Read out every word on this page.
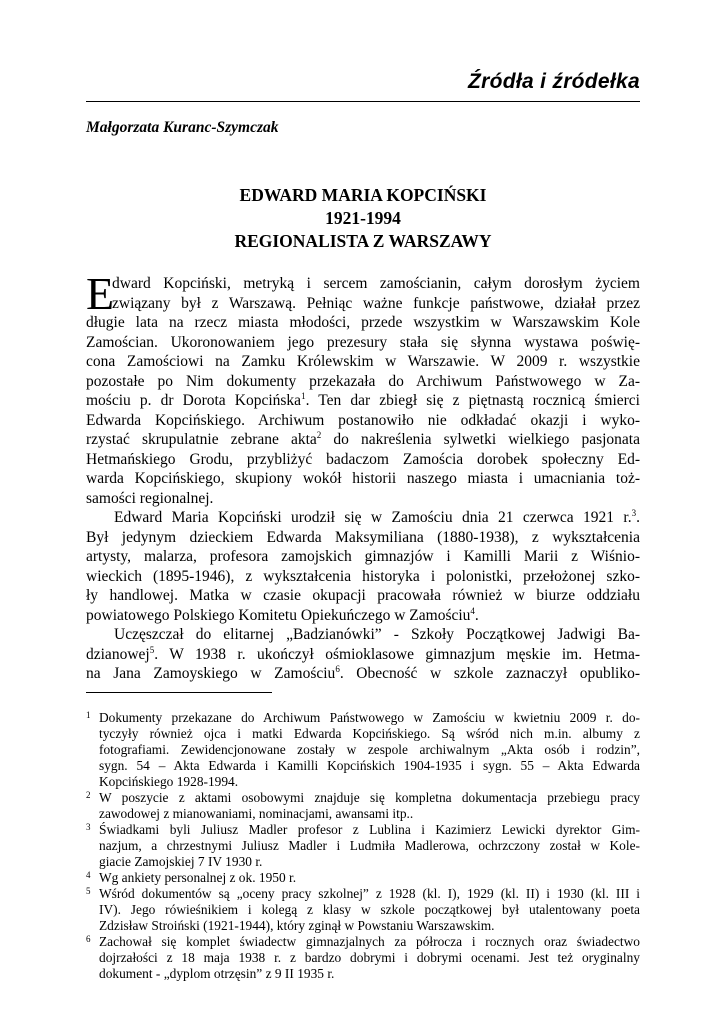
Źródła i źródełka
Małgorzata Kuranc-Szymczak
EDWARD MARIA KOPCIŃSKI
1921-1994
REGIONALISTA Z WARSZAWY
E
dward Kopciński, metryką i sercem zamościanin, całym dorosłym życiem
związany był z Warszawą. Pełniąc ważne funkcje państwowe, działał przez
długie lata na rzecz miasta młodości, przede wszystkim w Warszawskim Kole
Zamościan. Ukoronowaniem jego prezesury stała się słynna wystawa poświę-
cona Zamościowi na Zamku Królewskim w Warszawie. W 2009 r. wszystkie
pozostałe po Nim dokumenty przekazała do Archiwum Państwowego w Za-
mościu p. dr Dorota Kopcińska$^1$. Ten dar zbiegł się z piętnastą rocznicą śmierci
Edwarda Kopcińskiego. Archiwum postanowiło nie odkładać okazji i wyko-
rzystać skrupulatnie zebrane akta$^2$ do nakreślenia sylwetki wielkiego pasjonata
Hetmańskiego Grodu, przybliżyć badaczom Zamościa dorobek społeczny Ed-
warda Kopcińskiego, skupiony wokół historii naszego miasta i umacniania toż-
samości regionalnej.
Edward Maria Kopciński urodził się w Zamościu dnia 21 czerwca 1921 r.$^3$.
Był jedynym dzieckiem Edwarda Maksymiliana (1880-1938), z wykształcenia
artysty, malarza, profesora zamojskich gimnazjów i Kamilli Marii z Wiśnio-
wieckich (1895-1946), z wykształcenia historyka i polonistki, przełożonej szko-
ły handlowej. Matka w czasie okupacji pracowała również w biurze oddziału
powiatowego Polskiego Komitetu Opiekuńczego w Zamościu$^4$.
Uczęszczał do elitarnej „Badzianówki” - Szkoły Początkowej Jadwigi Ba-
dzianowej$^5$. W 1938 r. ukończył ośmioklasowe gimnazjum męskie im. Hetma-
na Jana Zamoyskiego w Zamościu$^6$. Obecność w szkole zaznaczył opubliko-
1 Dokumenty przekazane do Archiwum Państwowego w Zamościu w kwietniu 2009 r. do-
tyczyły również ojca i matki Edwarda Kopcińskiego. Są wśród nich m.in. albumy z
fotografiami. Zewidencjonowane zostały w zespole archiwalnym „Akta osób i rodzin”,
sygn. 54 – Akta Edwarda i Kamilli Kopcińskich 1904-1935 i sygn. 55 – Akta Edwarda
Kopcińskiego 1928-1994.
2 W poszycie z aktami osobowymi znajduje się kompletna dokumentacja przebiegu pracy
zawodowej z mianowaniami, nominacjami, awansami itp..
3 Świadkami byli Juliusz Madler profesor z Lublina i Kazimierz Lewicki dyrektor Gim-
nazjum, a chrzestnymi Juliusz Madler i Ludmiła Madlerowa, ochrzczony został w Kole-
giacie Zamojskiej 7 IV 1930 r.
4 Wg ankiety personalnej z ok. 1950 r.
5 Wśród dokumentów są „oceny pracy szkolnej” z 1928 (kl. I), 1929 (kl. II) i 1930 (kl. III i
IV). Jego rówieśnikiem i kolegą z klasy w szkole początkowej był utalentowany poeta
Zdzisław Stroiński (1921-1944), który zginął w Powstaniu Warszawskim.
6 Zachował się komplet świadectw gimnazjalnych za półrocza i rocznych oraz świadectwo
dojrzałości z 18 maja 1938 r. z bardzo dobrymi i dobrymi ocenami. Jest też oryginalny
dokument - „dyplom otrzęsin” z 9 II 1935 r.
